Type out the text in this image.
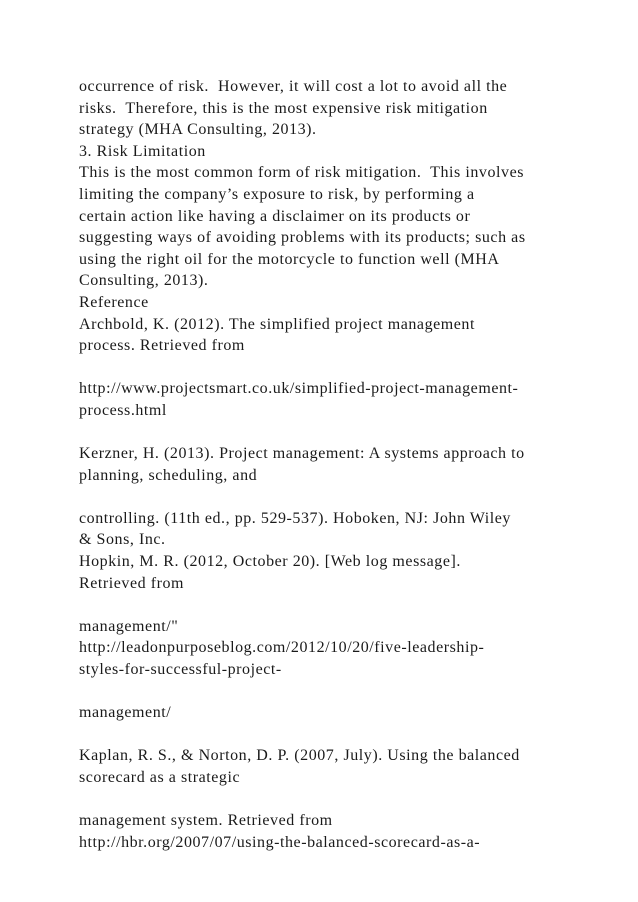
occurrence of risk.  However, it will cost a lot to avoid all the
risks.  Therefore, this is the most expensive risk mitigation
strategy (MHA Consulting, 2013).
3. Risk Limitation
This is the most common form of risk mitigation.  This involves
limiting the company’s exposure to risk, by performing a
certain action like having a disclaimer on its products or
suggesting ways of avoiding problems with its products; such as
using the right oil for the motorcycle to function well (MHA
Consulting, 2013).
Reference
Archbold, K. (2012). The simplified project management
process. Retrieved from
http://www.projectsmart.co.uk/simplified-project-management-
process.html
Kerzner, H. (2013). Project management: A systems approach to
planning, scheduling, and
controlling. (11th ed., pp. 529-537). Hoboken, NJ: John Wiley
& Sons, Inc.
Hopkin, M. R. (2012, October 20). [Web log message].
Retrieved from
management/"
http://leadonpurposeblog.com/2012/10/20/five-leadership-
styles-for-successful-project-
management/
Kaplan, R. S., & Norton, D. P. (2007, July). Using the balanced
scorecard as a strategic
management system. Retrieved from
http://hbr.org/2007/07/using-the-balanced-scorecard-as-a-
